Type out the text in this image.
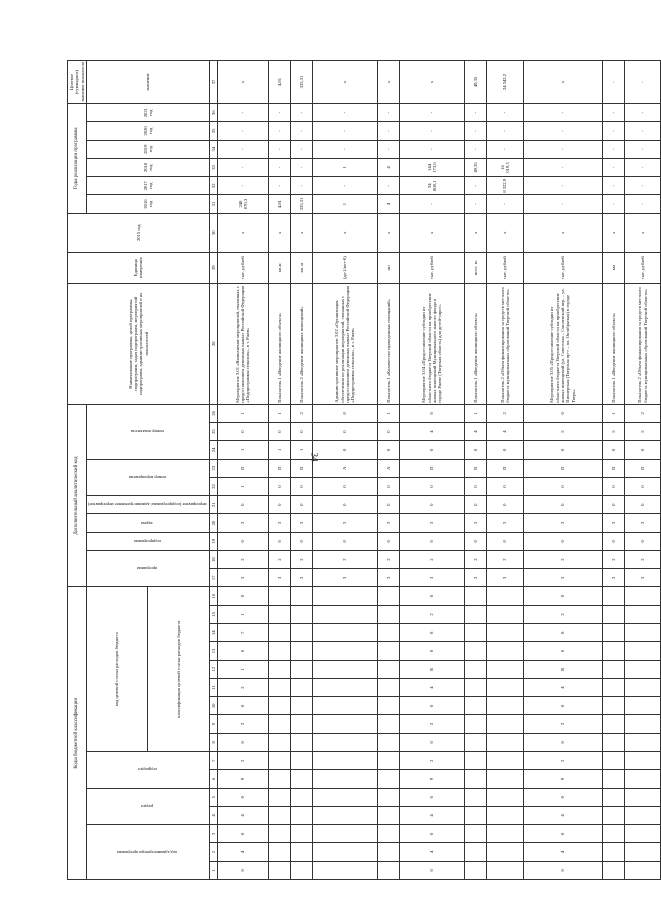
34
Коды бюджетной классификации																Дополнительный аналитический код										Наименование программы, целей программы, подпрограмм, задач подпрограмм, мероприятий подпрограмм, административных мероприятий и их показателей	Единица измерения	2015 год	Годы реализации программы						Целевое (суммарное) значение показателя
код администратора программы			раздел		подраздел		код целевой статьи расходов бюджета									программа		подпрограмма	задача	мероприятие (подпрограммы/ административное мероприятие)	номер мероприятия		номер показателя						2016 год	2017 год	2018 год	2019 год	2020 год	2021 год	значение
							классификация целевой статьи расходов бюджета																												
1	2	3	4	5	6	7	8	9	10	11	12	13	14	15	16	17	18	19	20	21	22	23	24	25	26	28	29	30	31	32	33	34	35	36	37
0	4	0	4	0	9	2	0	3	0	2	1	0	7	1	0	3	2	0	3	0	1	П	1	0	1	Мероприятие 3.01 «Выполнение мероприятий, связанных с предоставлением денежных выплат Российской Федерации «Подпрограммы сельских», в т. Ржев»	тыс. рублей	х	248 070,3	-	-	-	-	-	х
																3	2	0	3	0	0	П	1	0	1	Показатель 1 «Введение жилищного объекта»	кв.м	х	4,81	-	-	-	-	-	4,81
																3	2	0	3	0	0	П	1	0	2	Показатель 2 «Введение жилищных помещений»	кв. м	х	335,31	-	-	-	-	-	335,31
																3	2	0	3	0	0	А	0	0	0	Административное мероприятие 3.02 «Организация обеспечения по реализации мероприятий, связанных с предоставлением денежных выплат Российской Федерации «Подпрограммы сельских», в т. Ржев»	(да-1/нет-0)	х	1	-	1	-	-	-	х
																3	2	0	3	0	0	А	0	0	1	Показатель 1 «Количество проведенных совещаний»	шт	х	4	-	4	-	-	-	х
0	4	0	4	0	9	2	0	3	0	4	R	0	8	2	0	3	2	0	3	0	0	П	0	4	0	Мероприятие 3.04 «Предоставление субсидии из областного бюджета Тверской области на приобретение жилых помещений Муниципального жилого фонда в городе Ржеве (Тверская область) для детей-сирот»	тыс. рублей	х	-	34 808,1	144 173,6	-	-	-	х
																3	2	0	3	0	0	П	0	4	1	Показатель 1 «Введение жилищного объекта»	пост. м.	х	-	-	49,35	-	-	-	49,35
																3	2	0	3	0	0	П	0	4	2	Показатель 2 «Объем финансирования за средств местного бюджета муниципальных образований Тверской области»	тыс. рублей	х	-	8 322,9	16 019,3	-	-	-	24 342,2
0	4	0	4	0	9	2	0	3	0	4	R	0	8	2	0	3	2	0	3	0	0	П	0	5	0	Мероприятие 3.05 «Предоставление субсидии из областного бюджета Тверской области на приобретение жилых помещений (ул. Советская – Смоленский пер. – ул. Пионерская (Тверская пр-т – пл. Октябрьская) в городе Тверь»	тыс. рублей	х	-	-	-	-	-	-	х
																3	2	0	3	0	0	П	0	5	1	Показатель 1 «Введение жилищного объекта»	км	х	-	-	-	-	-	-	-
																3	2	0	3	0	0	П	0	5	2	Показатель 2 «Объем финансирования за средств местного бюджета муниципальных образований Тверской области»	тыс. рублей	х	-	-	-	-	-	-	-
